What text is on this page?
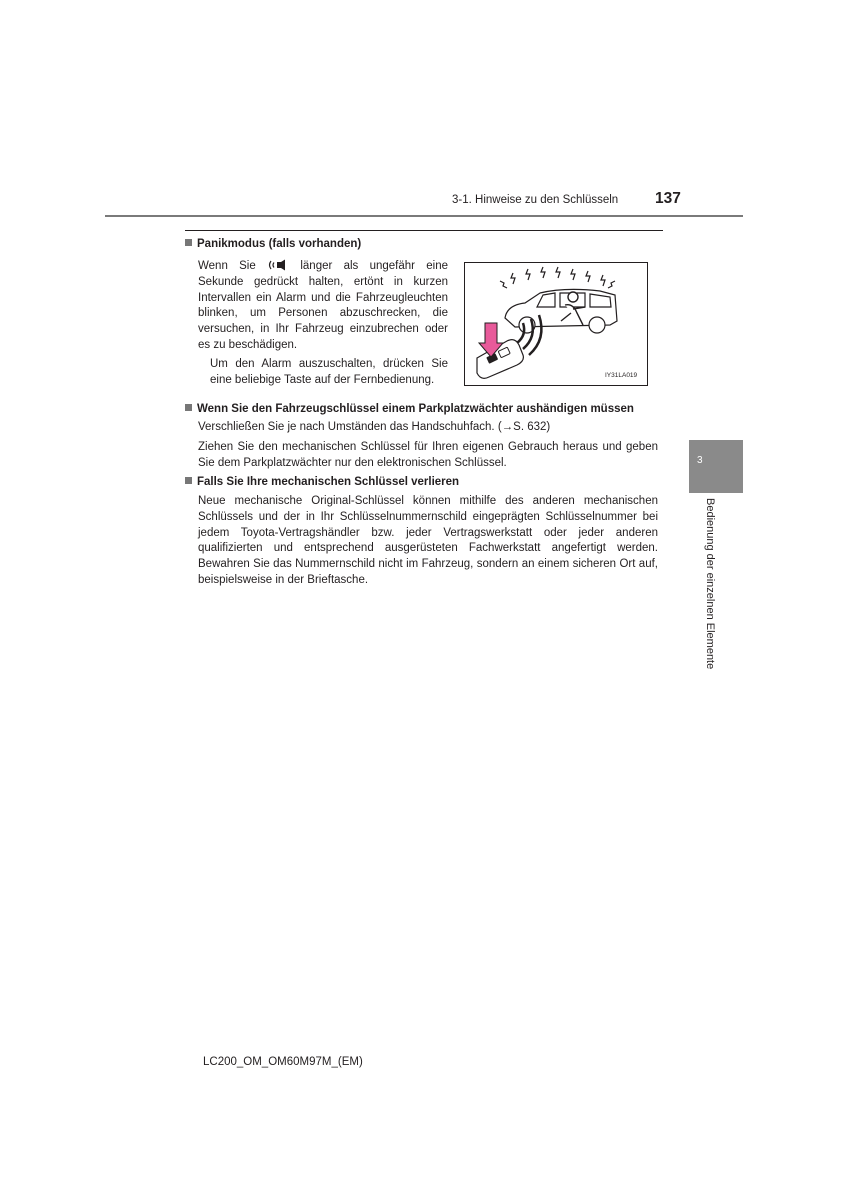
3-1. Hinweise zu den Schlüsseln 137
Panikmodus (falls vorhanden)
Wenn Sie	länger als ungefähr eine Sekunde gedrückt halten, ertönt in kurzen Intervallen ein Alarm und die Fahrzeugleuchten blinken, um Personen abzuschrecken, die versuchen, in Ihr Fahrzeug einzubrechen oder es zu beschädigen.
Um den Alarm auszuschalten, drücken Sie eine beliebige Taste auf der Fernbedienung.	IY31LA019
Wenn Sie den Fahrzeugschlüssel einem Parkplatzwächter aushändigen müssen
Verschließen Sie je nach Umständen das Handschuhfach. (→S. 632)
Ziehen Sie den mechanischen Schlüssel für Ihren eigenen Gebrauch heraus und geben Sie dem Parkplatzwächter nur den elektronischen Schlüssel.
Falls Sie Ihre mechanischen Schlüssel verlieren
Neue mechanische Original-Schlüssel können mithilfe des anderen mechanischen Schlüssels und der in Ihr Schlüsselnummernschild eingeprägten Schlüsselnummer bei jedem Toyota-Vertragshändler bzw. jeder Vertragswerkstatt oder jeder anderen qualifizierten und entsprechend ausgerüsteten Fachwerkstatt angefertigt werden. Bewahren Sie das Nummernschild nicht im Fahrzeug, sondern an einem sicheren Ort auf, beispielsweise in der Brieftasche.
3
Bedienung der einzelnen Elemente
LC200_OM_OM60M97M_(EM)
